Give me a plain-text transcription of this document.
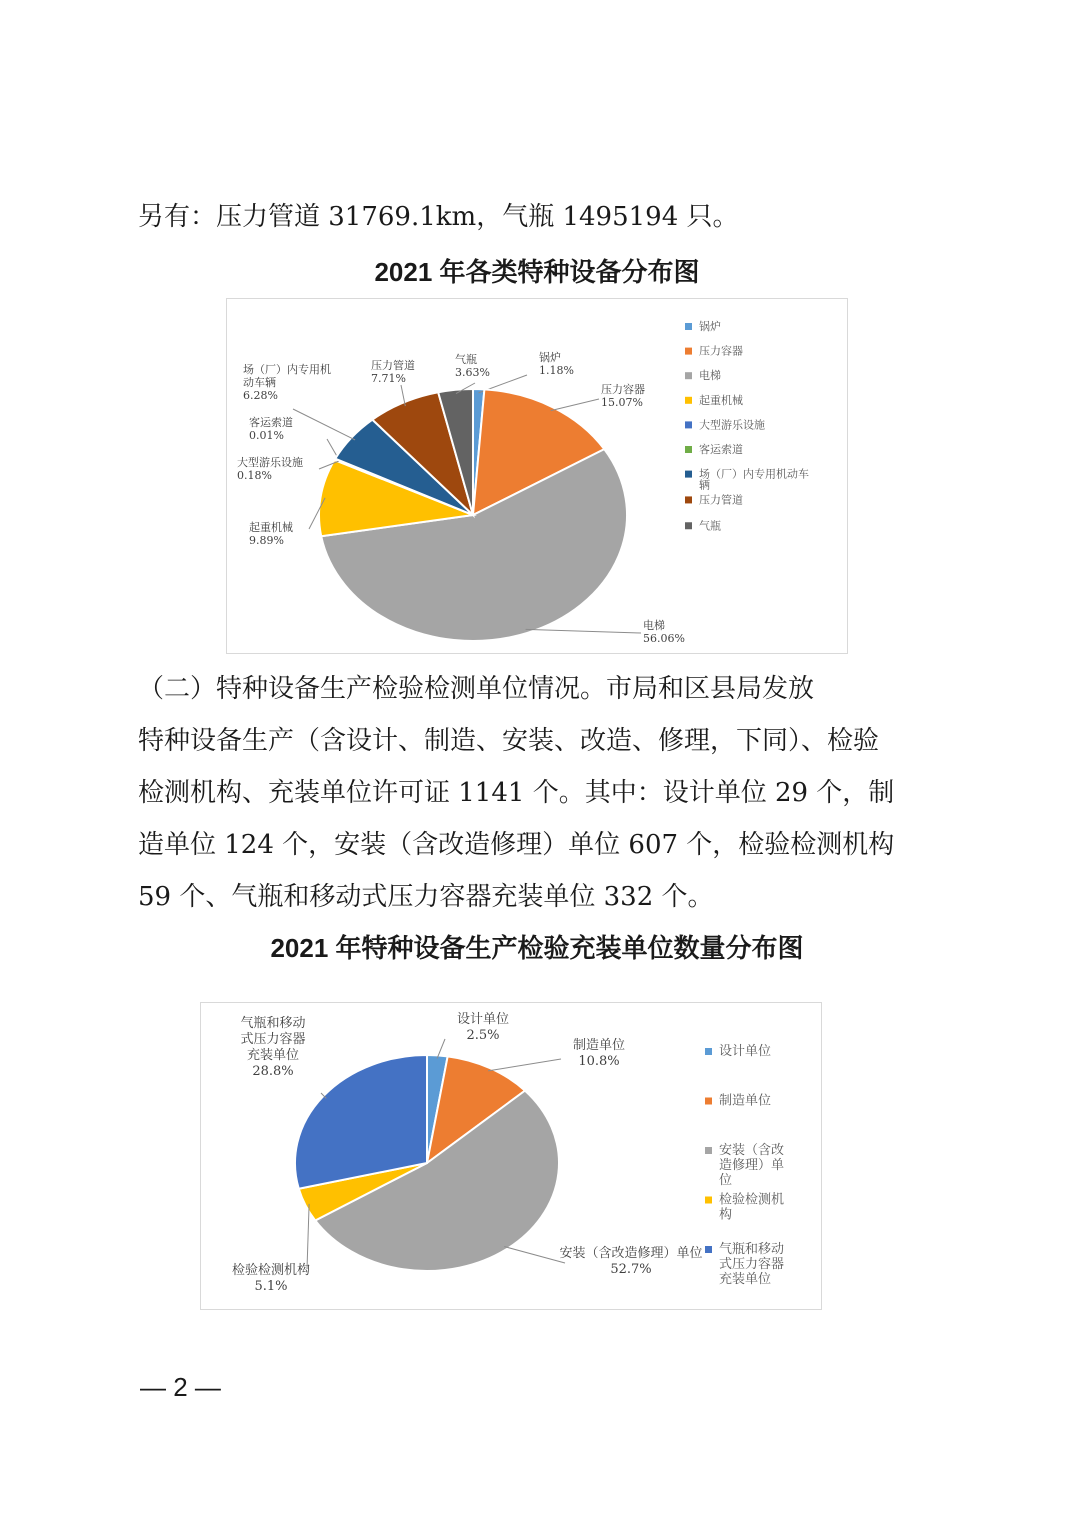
另有：压力管道 31769.1km，气瓶 1495194 只。
2021 年各类特种设备分布图
锅炉
1.18%
锅炉
压力容器
15.07%
压力容器
电梯
56.06%
电梯
起重机械
9.89%
起重机械
大型游乐设施
0.18%
大型游乐设施
客运索道
0.01%
客运索道
场（厂）内专用机
动车辆
6.28%
场（厂）内专用机动车
辆
压力管道
7.71%
压力管道
气瓶
3.63%
气瓶
（二）特种设备生产检验检测单位情况。市局和区县局发放
特种设备生产（含设计、制造、安装、改造、修理，下同）、检验
检测机构、充装单位许可证 1141 个。其中：设计单位 29 个，制
造单位 124 个，安装（含改造修理）单位 607 个，检验检测机构
59 个、气瓶和移动式压力容器充装单位 332 个。
2021 年特种设备生产检验充装单位数量分布图
设计单位
2.5%
设计单位
制造单位
10.8%
制造单位
安装（含改造修理）单位
52.7%
安装（含改
造修理）单
位
检验检测机构
5.1%
检验检测机
构
气瓶和移动
式压力容器
充装单位
28.8%
气瓶和移动
式压力容器
充装单位
— 2 —
